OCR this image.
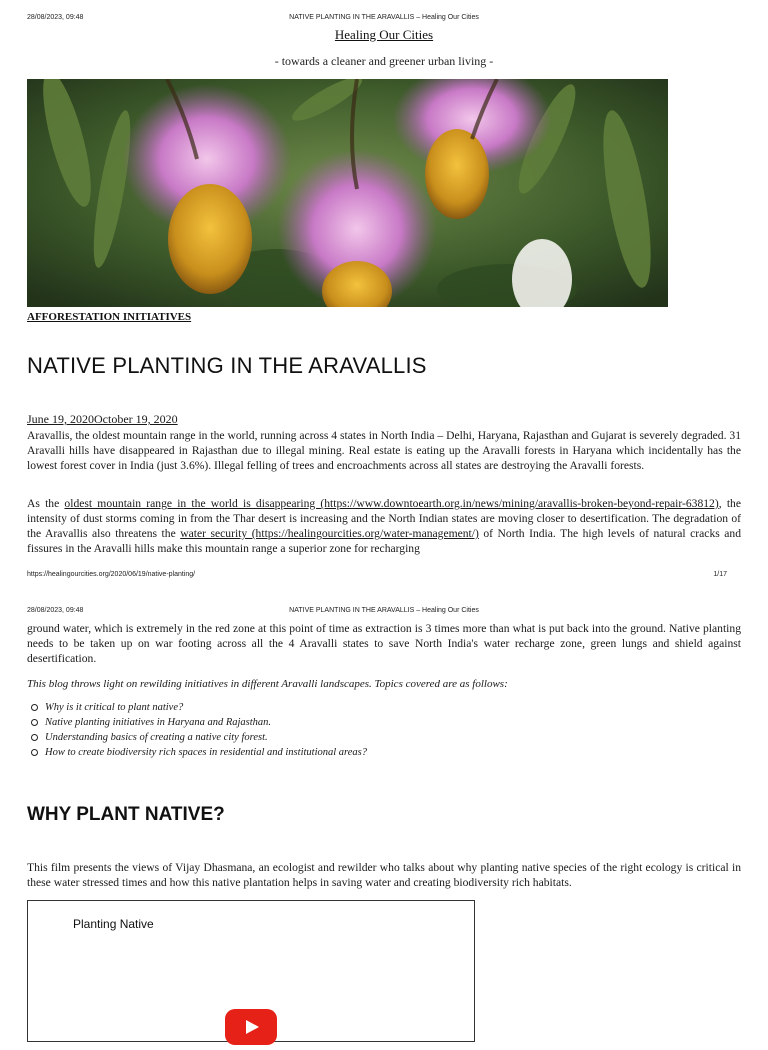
28/08/2023, 09:48	NATIVE PLANTING IN THE ARAVALLIS – Healing Our Cities
Healing Our Cities
- towards a cleaner and greener urban living -
AFFORESTATION INITIATIVES
NATIVE PLANTING IN THE ARAVALLIS
June 19, 2020October 19, 2020

Aravallis, the oldest mountain range in the world, running across 4 states in North India – Delhi, Haryana, Rajasthan and Gujarat is severely degraded. 31 Aravalli hills have disappeared in Rajasthan due to illegal mining. Real estate is eating up the Aravalli forests in Haryana which incidentally has the lowest forest cover in India (just 3.6%). Illegal felling of trees and encroachments across all states are destroying the Aravalli forests.

As the oldest mountain range in the world is disappearing (https://www.downtoearth.org.in/news/mining/aravallis-broken-beyond-repair-63812), the intensity of dust storms coming in from the Thar desert is increasing and the North Indian states are moving closer to desertification. The degradation of the Aravallis also threatens the water security (https://healingourcities.org/water-management/) of North India. The high levels of natural cracks and fissures in the Aravalli hills make this mountain range a superior zone for recharging

https://healingourcities.org/2020/06/19/native-planting/	1/17
28/08/2023, 09:48	NATIVE PLANTING IN THE ARAVALLIS – Healing Our Cities

ground water, which is extremely in the red zone at this point of time as extraction is 3 times more than what is put back into the ground. Native planting needs to be taken up on war footing across all the 4 Aravalli states to save North India's water recharge zone, green lungs and shield against desertification.

This blog throws light on rewilding initiatives in different Aravalli landscapes. Topics covered are as follows:
Why is it critical to plant native?
Native planting initiatives in Haryana and Rajasthan.
Understanding basics of creating a native city forest.
How to create biodiversity rich spaces in residential and institutional areas?
WHY PLANT NATIVE?

This film presents the views of Vijay Dhasmana, an ecologist and rewilder who talks about why planting native species of the right ecology is critical in these water stressed times and how this native plantation helps in saving water and creating biodiversity rich habitats.

Planting Native
